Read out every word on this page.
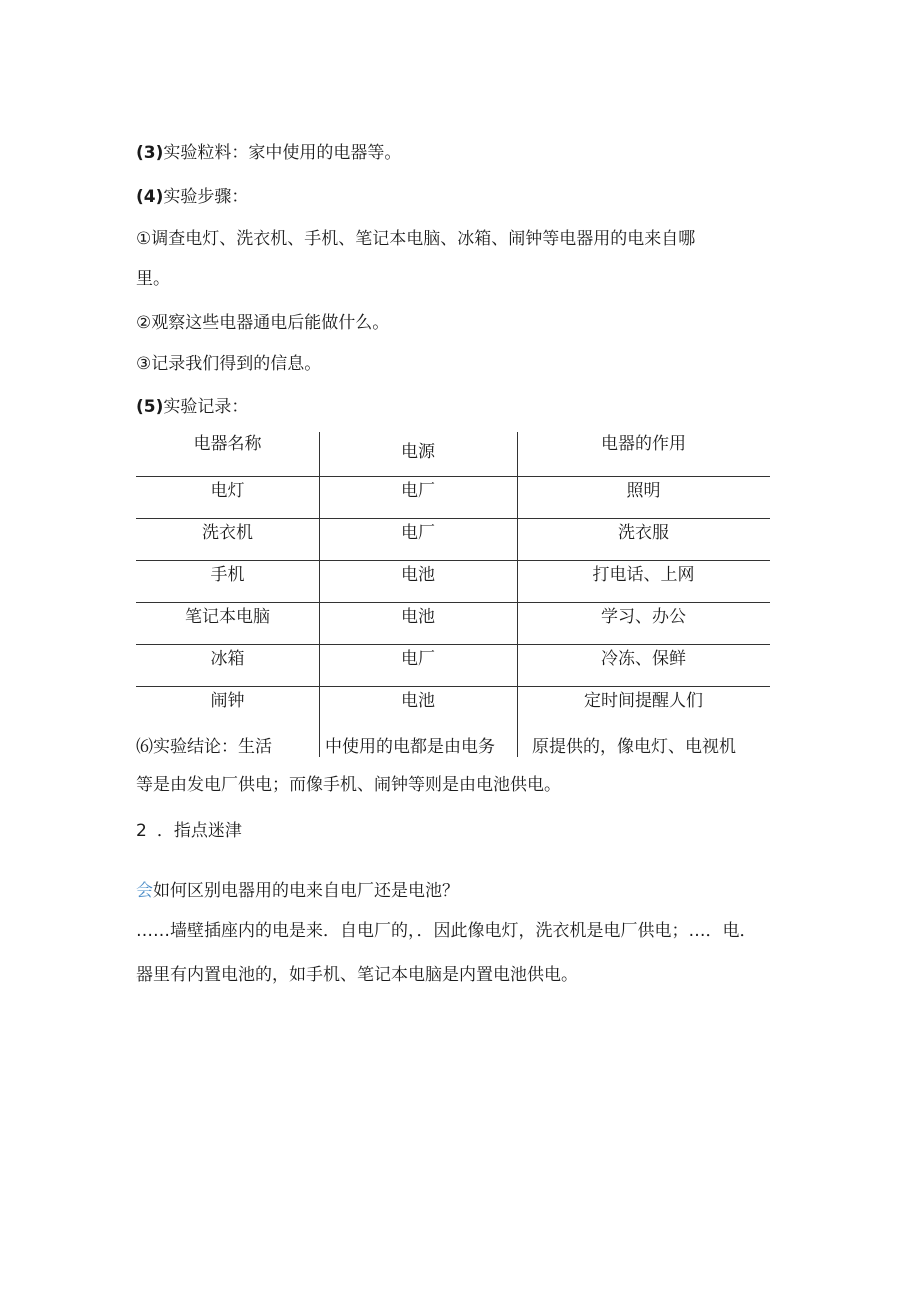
(3)实验粒料：家中使用的电器等。

(4)实验步骤：

①调查电灯、洗衣机、手机、笔记本电脑、冰箱、闹钟等电器用的电来自哪

里。

②观察这些电器通电后能做什么。

③记录我们得到的信息。

(5)实验记录：

电器名称	电源	电器的作用
电灯	电厂	照明
洗衣机	电厂	洗衣服
手机	电池	打电话、上网
笔记本电脑	电池	学习、办公
冰箱	电厂	冷冻、保鲜
闹钟	电池	定时间提醒人们
⑹实验结论：生活	中使用的电都是由电务 原提供的，像电灯、电视机

等是由发电厂供电；而像手机、闹钟等则是由电池供电。

2 ．指点迷津

会如何区别电器用的电来自电厂还是电池？

……墙壁插座内的电是来．自电厂的，．因此像电灯，洗衣机是电厂供电；…．电．

器里有内置电池的，如手机、笔记本电脑是内置电池供电。
